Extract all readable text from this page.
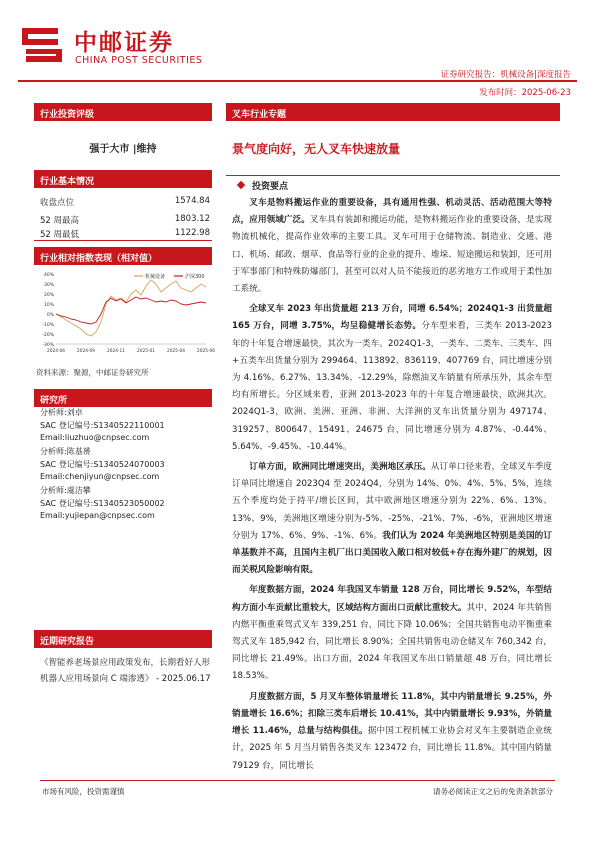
中邮证券
CHINA POST SECURITIES
证券研究报告：机械设备|深度报告
发布时间：2025-06-23
行业投资评级
强于大市 |维持
行业基本情况
收盘点位	1574.84
52 周最高	1803.12
52 周最低	1122.98
行业相对指数表现（相对值）
40%
30%
20%
10%
0%
-10%
-20%
-30%
2024-06	2024-09	2024-11	2025-01	2025-04	2025-06
机械设备	沪深300
资料来源：聚源，中邮证券研究所
研究所
分析师:刘卓
SAC 登记编号:S1340522110001
Email:liuzhuo@cnpsec.com
分析师:陈基赟
SAC 登记编号:S1340524070003
Email:chenjiyun@cnpsec.com
分析师:虞洁攀
SAC 登记编号:S1340523050002
Email:yujiepan@cnpsec.com
近期研究报告
《智能养老场景应用政策发布，长期看好人形机器人应用场景向 C 端渗透》 - 2025.06.17
叉车行业专题
景气度向好，无人叉车快速放量
投资要点

叉车是物料搬运作业的重要设备，具有通用性强、机动灵活、活动范围大等特点，应用领域广泛。叉车具有装卸和搬运功能，是物料搬运作业的重要设备，是实现物流机械化，提高作业效率的主要工具。叉车可用于仓储物流、制造业、交通、港口、机场、邮政、烟草、食品等行业的企业的提升、堆垛、短途搬运和装卸，还可用于军事部门和特殊防爆部门，甚至可以对人员不能接近的恶劣地方工作或用于柔性加工系统。

全球叉车 2023 年出货量超 213 万台，同增 6.54%；2024Q1-3 出货量超 165 万台，同增 3.75%，均呈稳健增长态势。分车型来看，三类车 2013-2023 年的十年复合增速最快，其次为一类车。2024Q1-3，一类车、二类车、三类车、四+五类车出货量分别为 299464、113892、836119、407769 台，同比增速分别为 4.16%、6.27%、13.34%、-12.29%，除燃油叉车销量有所承压外，其余车型均有所增长。分区域来看，亚洲 2013-2023 年的十年复合增速最快，欧洲其次。2024Q1-3，欧洲、美洲、亚洲、非洲、大洋洲的叉车出货量分别为 497174、319257、800647、15491、24675 台，同比增速分别为 4.87%、-0.44%、5.64%、-9.45%、-10.44%。

订单方面，欧洲同比增速突出，美洲地区承压。从订单口径来看，全球叉车季度订单同比增速自 2023Q4 至 2024Q4，分别为 14%、0%、4%、5%、5%，连续五个季度均处于持平/增长区间，其中欧洲地区增速分别为 22%、6%、13%、13%、9%，美洲地区增速分别为-5%、-25%、-21%、7%、-6%，亚洲地区增速分别为 17%、6%、9%、-1%、6%。我们认为 2024 年美洲地区特别是美国的订单基数并不高，且国内主机厂出口美国收入敞口相对较低+存在海外建厂的规划，因而关税风险影响有限。

年度数据方面，2024 年我国叉车销量 128 万台，同比增长 9.52%，车型结构方面小车贡献比重较大，区域结构方面出口贡献比重较大。其中，2024 年共销售内燃平衡重乘驾式叉车 339,251 台，同比下降 10.06%；全国共销售电动平衡重乘驾式叉车 185,942 台，同比增长 8.90%；全国共销售电动仓储叉车 760,342 台，同比增长 21.49%。出口方面，2024 年我国叉车出口销量超 48 万台，同比增长 18.53%。

月度数据方面，5 月叉车整体销量增长 11.8%，其中内销量增长 9.25%，外销量增长 16.6%；扣除三类车后增长 10.41%，其中内销量增长 9.93%，外销量增长 11.46%，总量与结构俱佳。据中国工程机械工业协会对叉车主要制造企业统计，2025 年 5 月当月销售各类叉车 123472 台，同比增长 11.8%。其中国内销量 79129 台，同比增长

市场有风险，投资需谨慎	请务必阅读正文之后的免责条款部分
